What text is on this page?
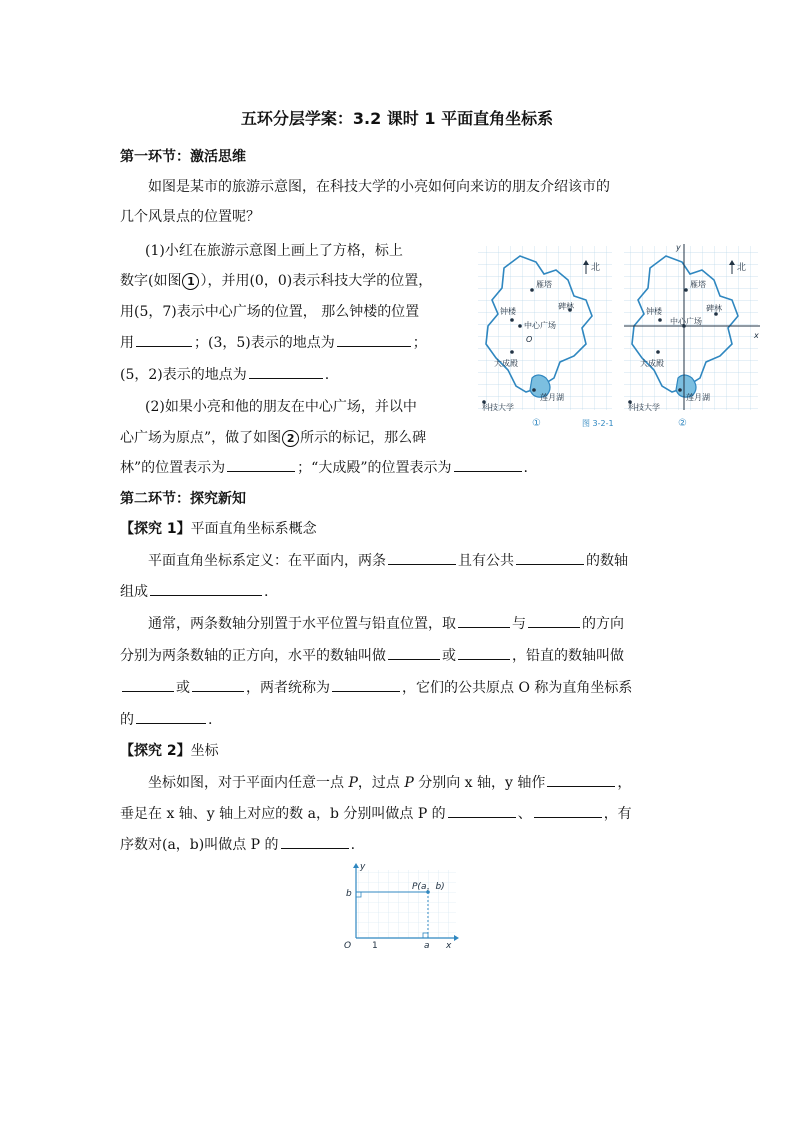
五环分层学案：3.2 课时 1 平面直角坐标系
第一环节：激活思维
如图是某市的旅游示意图，在科技大学的小亮如何向来访的朋友介绍该市的
几个风景点的位置呢？
(1)小红在旅游示意图上画上了方格，标上
数字(如图 1 ），并用(0，0)表示科技大学的位置，
用(5，7)表示中心广场的位置， 那么钟楼的位置
用	；(3，5)表示的地点为	；
(5，2)表示的地点为	.
(2)如果小亮和他的朋友在中心广场，并以中
心广场为原点”，做了如图 2 所示的标记，那么碑
林”的位置表示为	；“大成殿”的位置表示为	.
雁塔
碑林
钟楼
中心广场
大成殿
科技大学
莲月湖
O
北
①
y
x
雁塔
碑林
钟楼
中心广场
大成殿
科技大学
莲月湖
北
②
图 3-2-1
第二环节：探究新知
【探究 1】平面直角坐标系概念
平面直角坐标系定义：在平面内，两条	且有公共	的数轴
组成	.
通常，两条数轴分别置于水平位置与铅直位置，取	与	的方向
分别为两条数轴的正方向，水平的数轴叫做	或	，铅直的数轴叫做
或	，两者统称为	，它们的公共原点 O 称为直角坐标系
的	.
【探究 2】坐标
坐标如图，对于平面内任意一点 P，过点 P 分别向 x 轴，y 轴作	，
垂足在 x 轴、y 轴上对应的数 a，b 分别叫做点 P 的	、	，有
序数对(a，b)叫做点 P 的	.
P(a，b)
b
a
1
O	x
y
